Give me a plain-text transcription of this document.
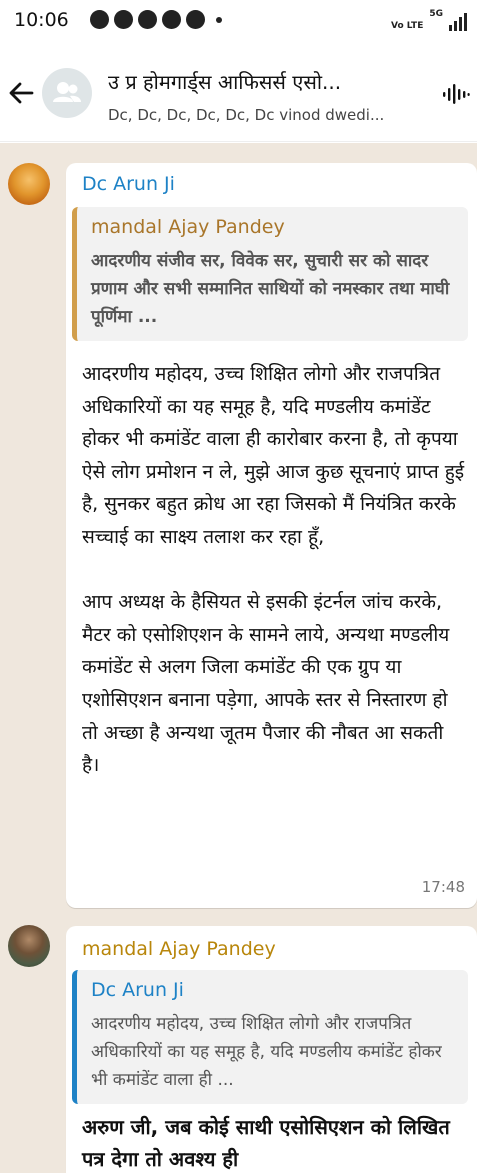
10:06	Vo LTE
5G
उ प्र होमगार्ड्स आफिसर्स एसो...
Dc, Dc, Dc, Dc, Dc, Dc vinod dwedi...
Dc Arun Ji
mandal Ajay Pandey
आदरणीय संजीव सर, विवेक सर, सुचारी सर को सादर प्रणाम और सभी सम्मानित साथियों को नमस्कार तथा माघी पूर्णिमा ...
आदरणीय महोदय, उच्च शिक्षित लोगो और राजपत्रित अधिकारियों का यह समूह है, यदि मण्डलीय कमांडेंट होकर भी कमांडेंट वाला ही कारोबार करना है, तो कृपया ऐसे लोग प्रमोशन न ले, मुझे आज कुछ सूचनाएं प्राप्त हुई है, सुनकर बहुत क्रोध आ रहा जिसको मैं नियंत्रित करके सच्चाई का साक्ष्य तलाश कर रहा हूँ,

आप अध्यक्ष के हैसियत से इसकी इंटर्नल जांच करके, मैटर को एसोशिएशन के सामने लाये, अन्यथा मण्डलीय कमांडेंट से अलग जिला कमांडेंट की एक ग्रुप या एशोसिएशन बनाना पड़ेगा, आपके स्तर से निस्तारण हो तो अच्छा है अन्यथा जूतम पैजार की नौबत आ सकती है।
17:48
mandal Ajay Pandey
Dc Arun Ji
आदरणीय महोदय, उच्च शिक्षित लोगो और राजपत्रित अधिकारियों का यह समूह है, यदि मण्डलीय कमांडेंट होकर भी कमांडेंट वाला ही ...
अरुण जी, जब कोई साथी एसोसिएशन को लिखित पत्र देगा तो अवश्य ही
